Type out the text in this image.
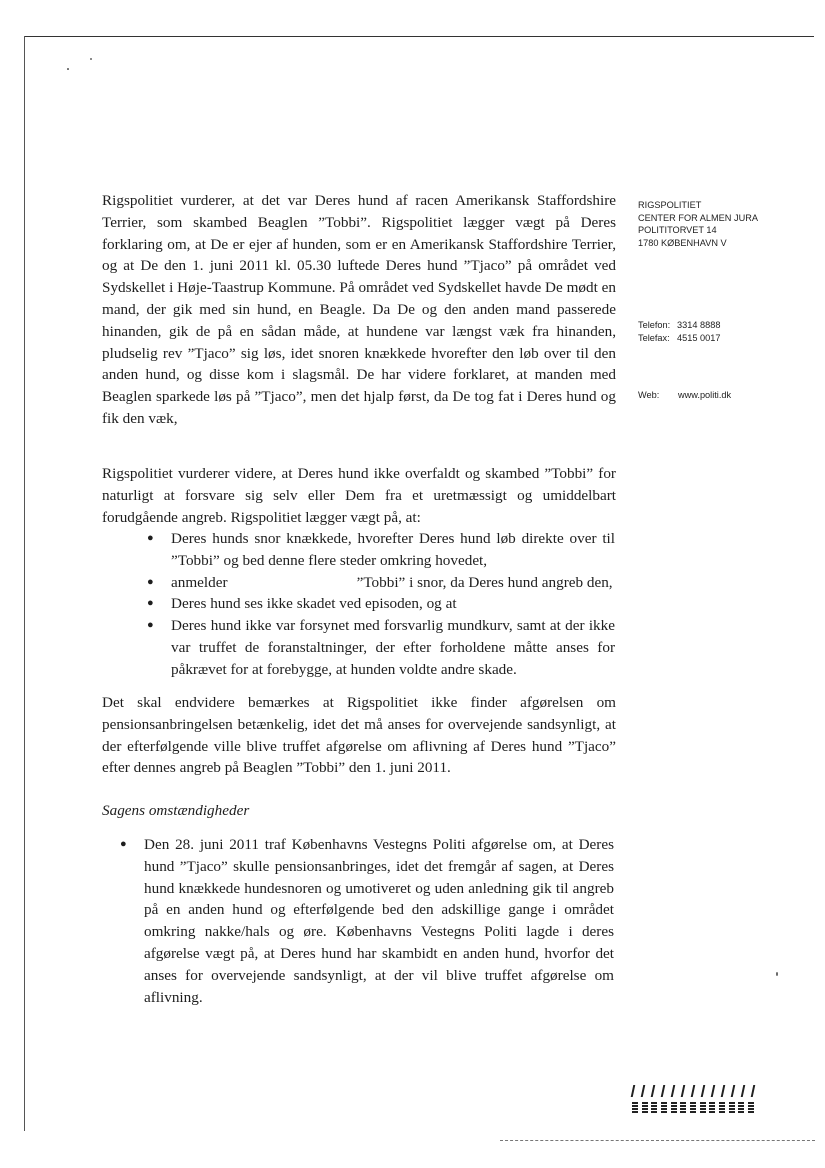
RIGSPOLITIET
CENTER FOR ALMEN JURA
POLITITORVET 14
1780 KØBENHAVN V
Telefon: 3314 8888
Telefax: 4515 0017
Web:	www.politi.dk

Rigspolitiet vurderer, at det var Deres hund af racen Amerikansk Staffordshire Terrier, som skambed Beaglen ”Tobbi”. Rigspolitiet lægger vægt på Deres forklaring om, at De er ejer af hunden, som er en Amerikansk Staffordshire Terrier, og at De den 1. juni 2011 kl. 05.30 luftede Deres hund ”Tjaco” på området ved Sydskellet i Høje-Taastrup Kommune. På området ved Sydskellet havde De mødt en mand, der gik med sin hund, en Beagle. Da De og den anden mand passerede hinanden, gik de på en sådan måde, at hundene var længst væk fra hinanden, pludselig rev ”Tjaco” sig løs, idet snoren knækkede hvorefter den løb over til den anden hund, og disse kom i slagsmål. De har videre forklaret, at manden med Beaglen sparkede løs på ”Tjaco”, men det hjalp først, da De tog fat i Deres hund og fik den væk,

Rigspolitiet vurderer videre, at Deres hund ikke overfaldt og skambed ”Tobbi” for naturligt at forsvare sig selv eller Dem fra et uretmæssigt og umiddelbart forudgående angreb. Rigspolitiet lægger vægt på, at:

● Deres hunds snor knækkede, hvorefter Deres hund løb direkte over til ”Tobbi” og bed denne flere steder omkring hovedet,
● anmelder                                  ”Tobbi” i snor, da Deres hund angreb den,
● Deres hund ses ikke skadet ved episoden, og at
● Deres hund ikke var forsynet med forsvarlig mundkurv, samt at der ikke var truffet de foranstaltninger, der efter forholdene måtte anses for påkrævet for at forebygge, at hunden voldte andre skade.

Det skal endvidere bemærkes at Rigspolitiet ikke finder afgørelsen om pensionsanbringelsen betænkelig, idet det må anses for overvejende sandsynligt, at der efterfølgende ville blive truffet afgørelse om aflivning af Deres hund ”Tjaco” efter dennes angreb på Beaglen ”Tobbi” den 1. juni 2011.

Sagens omstændigheder

● Den 28. juni 2011 traf Københavns Vestegns Politi afgørelse om, at Deres hund ”Tjaco” skulle pensionsanbringes, idet det fremgår af sagen, at Deres hund knækkede hundesnoren og umotiveret og uden anledning gik til angreb på en anden hund og efterfølgende bed den adskillige gange i området omkring nakke/hals og øre. Københavns Vestegns Politi lagde i deres afgørelse vægt på, at Deres hund har skambidt en anden hund, hvorfor det anses for overvejende sandsynligt, at der vil blive truffet afgørelse om aflivning.
